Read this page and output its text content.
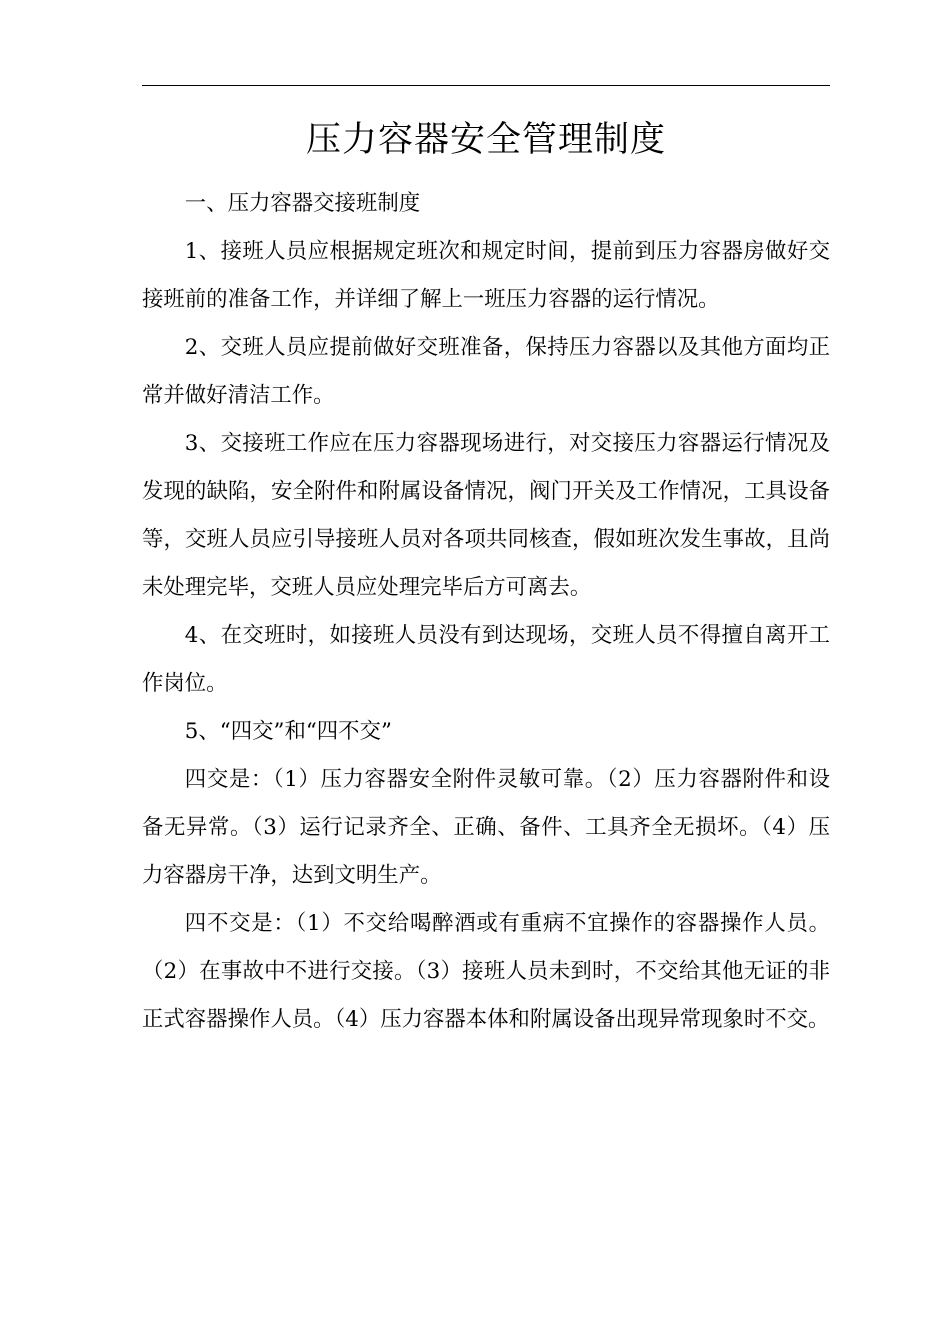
压力容器安全管理制度

一、压力容器交接班制度

1、接班人员应根据规定班次和规定时间，提前到压力容器房做好交接班前的准备工作，并详细了解上一班压力容器的运行情况。

2、交班人员应提前做好交班准备，保持压力容器以及其他方面均正常并做好清洁工作。

3、交接班工作应在压力容器现场进行，对交接压力容器运行情况及发现的缺陷，安全附件和附属设备情况，阀门开关及工作情况，工具设备等，交班人员应引导接班人员对各项共同核查，假如班次发生事故，且尚未处理完毕，交班人员应处理完毕后方可离去。

4、在交班时，如接班人员没有到达现场，交班人员不得擅自离开工作岗位。

5、“四交”和“四不交”

四交是：（1）压力容器安全附件灵敏可靠。（2）压力容器附件和设备无异常。（3）运行记录齐全、正确、备件、工具齐全无损坏。（4）压力容器房干净，达到文明生产。

四不交是：（1）不交给喝醉酒或有重病不宜操作的容器操作人员。（2）在事故中不进行交接。（3）接班人员未到时，不交给其他无证的非正式容器操作人员。（4）压力容器本体和附属设备出现异常现象时不交。
